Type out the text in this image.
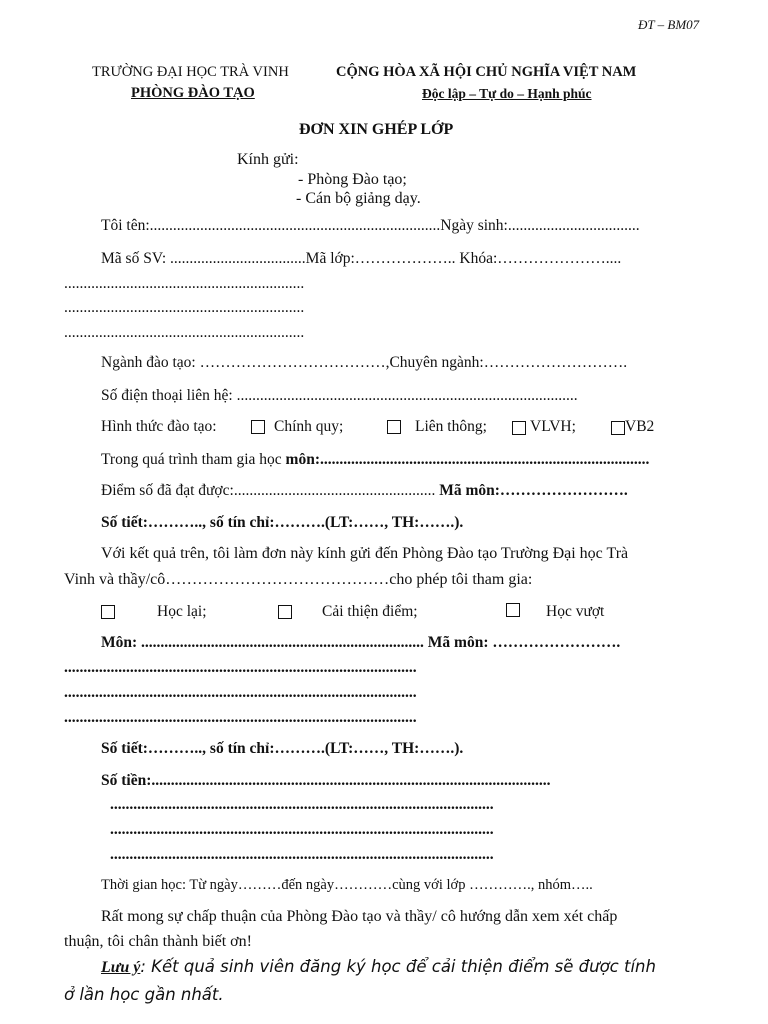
ĐT – BM07
TRƯỜNG ĐẠI HỌC TRÀ VINH
PHÒNG ĐÀO TẠO
CỘNG HÒA XÃ HỘI CHỦ NGHĨA VIỆT NAM
Độc lập – Tự do – Hạnh phúc
ĐƠN XIN GHÉP LỚP
Kính gửi:
- Phòng Đào tạo;
- Cán bộ giảng dạy.
Tôi tên:...........................................................................Ngày sinh:..................................
Mã số SV: ...................................Mã lớp:……………….. Khóa:…………………....
..............................................................
..............................................................
..............................................................
Ngành đào tạo: ………………………………,Chuyên ngành:……………………….
Số điện thoại liên hệ: ........................................................................................
Hình thức đào tạo:	Chính quy;	Liên thông;	VLVH;	VB2
Trong quá trình tham gia học môn:.....................................................................................
Điểm số đã đạt được:.................................................... Mã môn:…………………….
Số tiết:……….., số tín chỉ:……….(LT:……, TH:…….).
Với kết quả trên, tôi làm đơn này kính gửi đến Phòng Đào tạo Trường Đại học Trà
Vinh và thầy/cô……………………………………cho phép tôi tham gia:
Học lại;	Cải thiện điểm;	Học vượt
Môn: ......................................................................... Mã môn: …………………….
...........................................................................................
...........................................................................................
...........................................................................................
Số tiết:……….., số tín chỉ:……….(LT:……, TH:…….).
Số tiền:.......................................................................................................
...................................................................................................
...................................................................................................
...................................................................................................
Thời gian học: Từ ngày………đến ngày…………cùng với lớp …………., nhóm…..
Rất mong sự chấp thuận của Phòng Đào tạo và thầy/ cô hướng dẫn xem xét chấp
thuận, tôi chân thành biết ơn!
Lưu ý: Kết quả sinh viên đăng ký học để cải thiện điểm sẽ được tính
ở lần học gần nhất.
